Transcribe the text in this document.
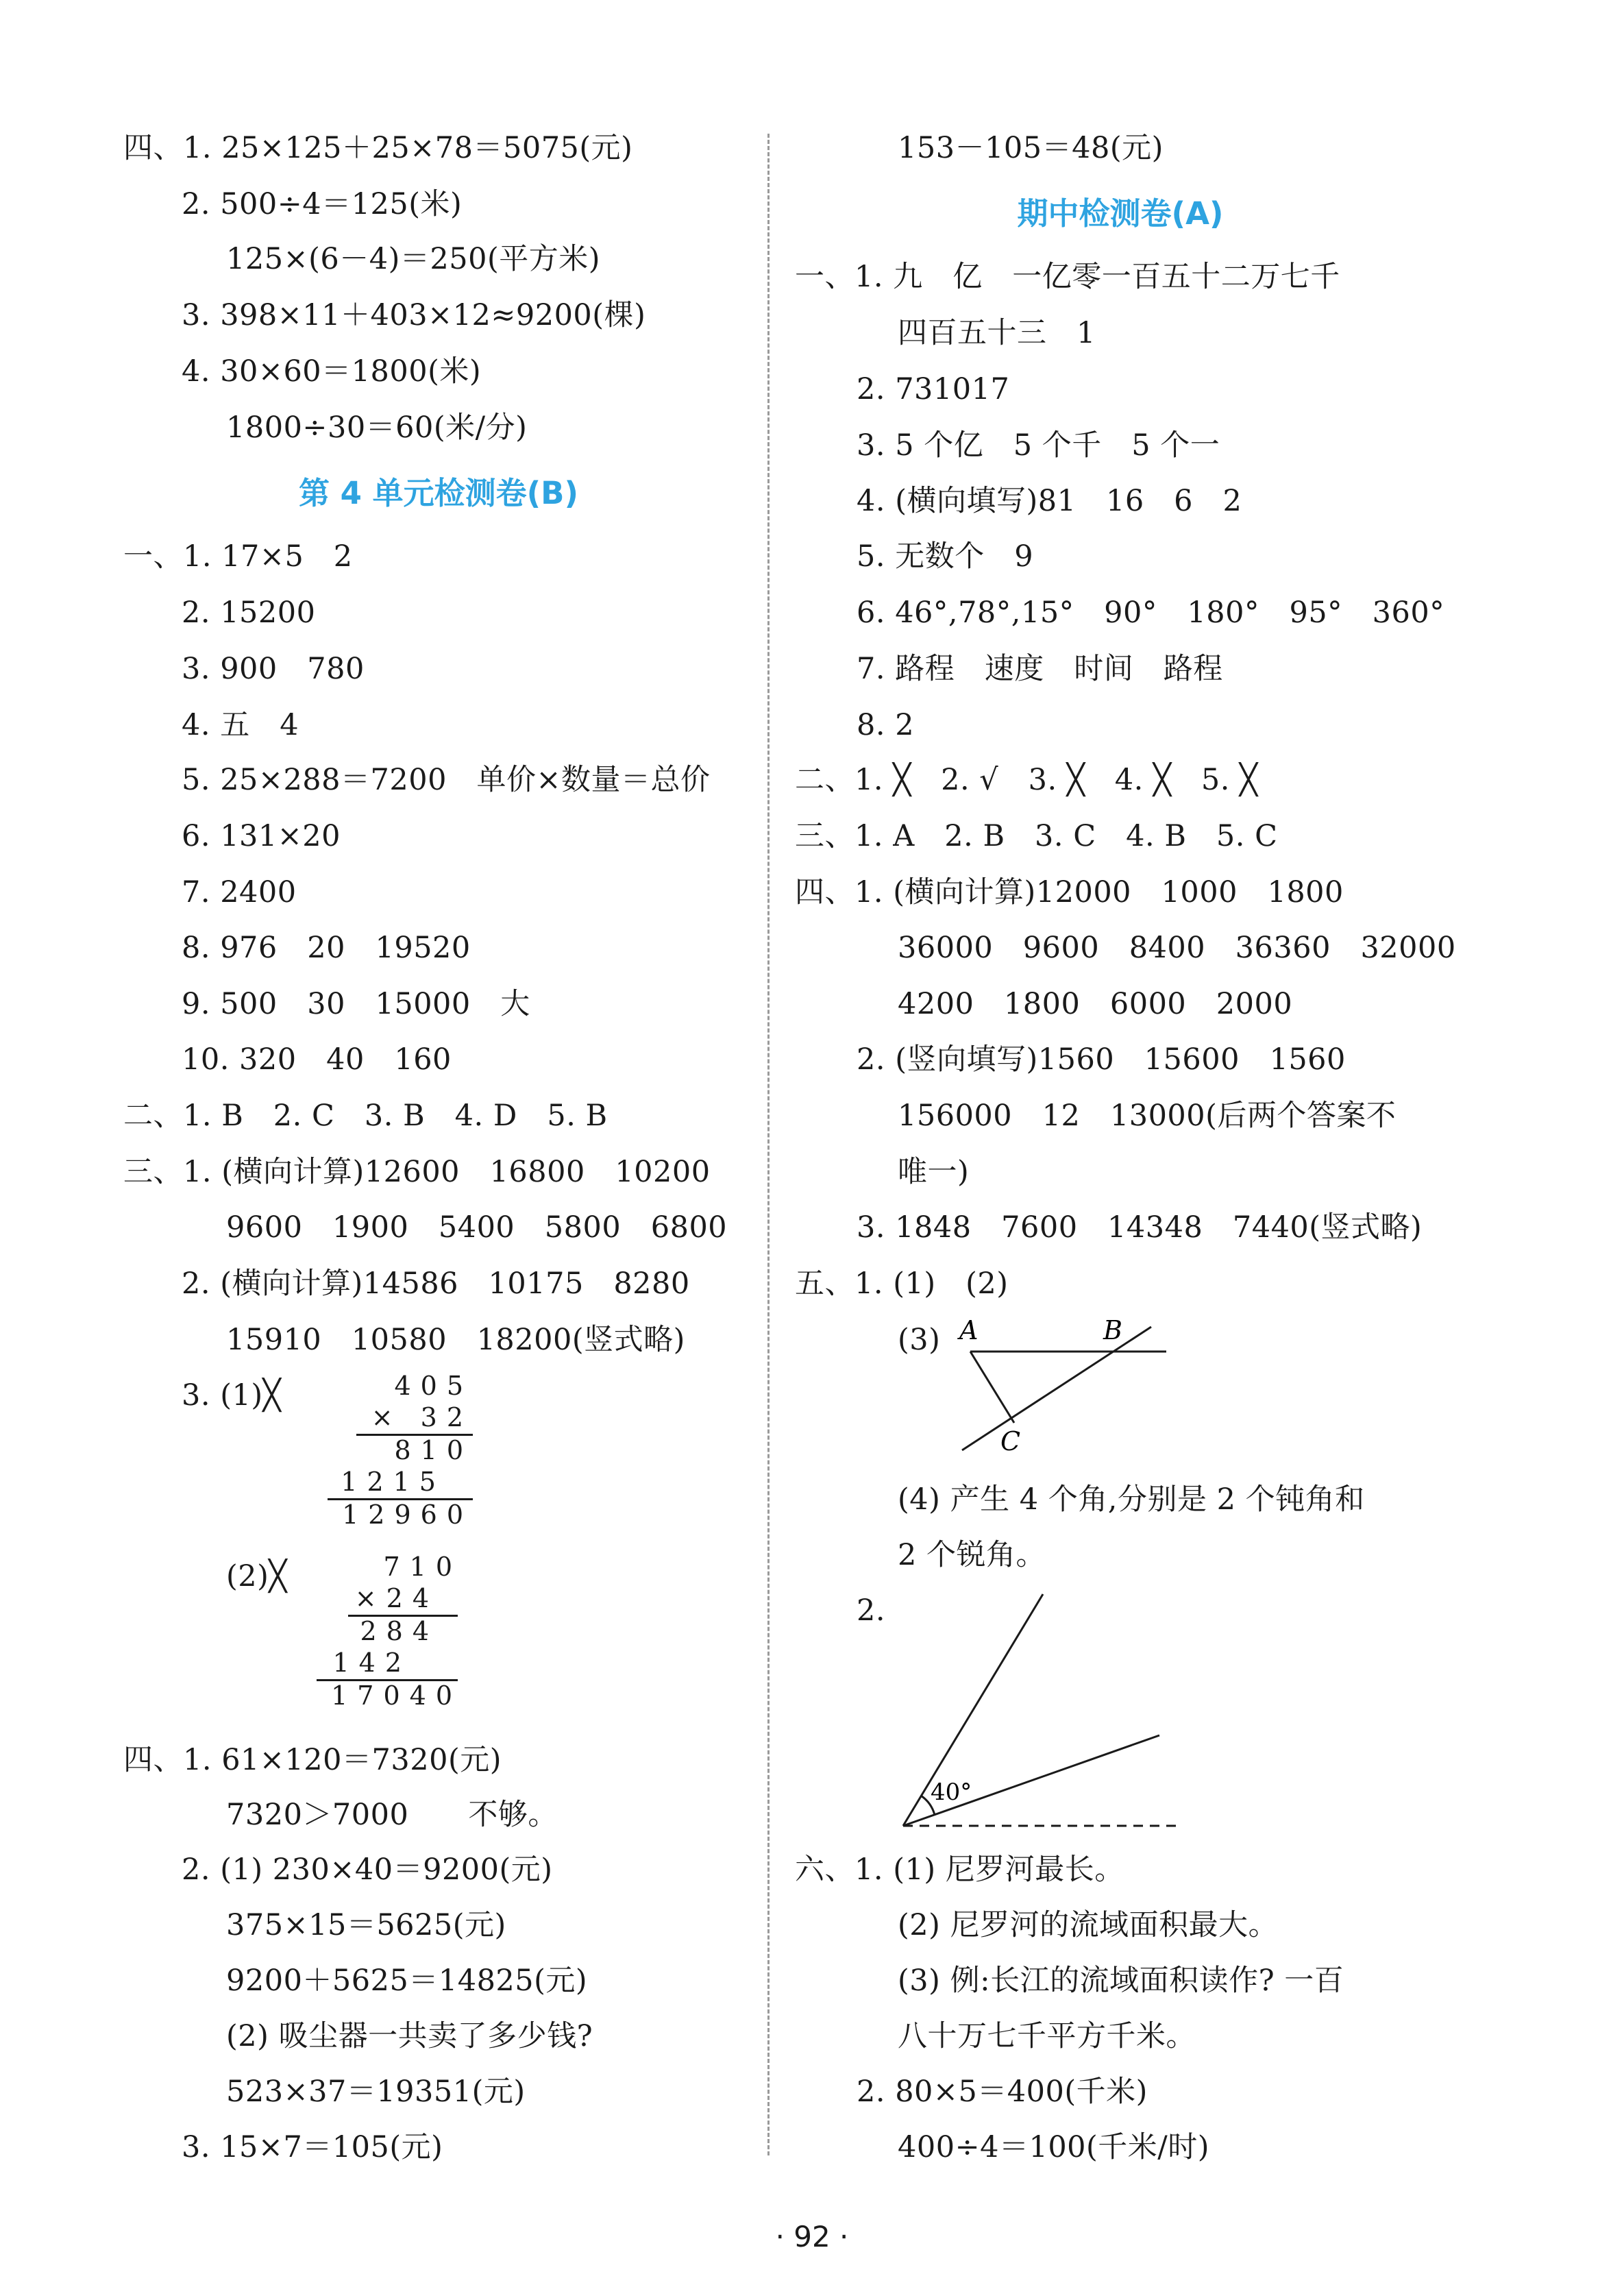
四、1. 25×125＋25×78＝5075(元)
2. 500÷4＝125(米)
125×(6－4)＝250(平方米)
3. 398×11＋403×12≈9200(棵)
4. 30×60＝1800(米)
1800÷30＝60(米/分)
第 4 单元检测卷(B)
一、1. 17×5　2
2. 15200
3. 900　780
4. 五　4
5. 25×288＝7200　单价×数量＝总价
6. 131×20
7. 2400
8. 976　20　19520
9. 500　30　15000　大
10. 320　40　160
二、1. B　2. C　3. B　4. D　5. B
三、1. (横向计算)12600　16800　10200
9600　1900　5400　5800　6800
2. (横向计算)14586　10175　8280
15910　10580　18200(竖式略)
3. (1)╳	405
× 32
810
1215
12960
(2)╳	710
×24
284
142
17040
四、1. 61×120＝7320(元)
7320＞7000　　不够。
2. (1) 230×40＝9200(元)
375×15＝5625(元)
9200＋5625＝14825(元)
(2) 吸尘器一共卖了多少钱?
523×37＝19351(元)
3. 15×7＝105(元)
153－105＝48(元)
期中检测卷(A)
一、1. 九　亿　一亿零一百五十二万七千
四百五十三　1
2. 731017
3. 5 个亿　5 个千　5 个一
4. (横向填写)81　16　6　2
5. 无数个　9
6. 46°,78°,15°　90°　180°　95°　360°
7. 路程　速度　时间　路程
8. 2
二、1. ╳　2. √　3. ╳　4. ╳　5. ╳
三、1. A　2. B　3. C　4. B　5. C
四、1. (横向计算)12000　1000　1800
36000　9600　8400　36360　32000
4200　1800　6000　2000
2. (竖向填写)1560　15600　1560
156000　12　13000(后两个答案不
唯一)
3. 1848　7600　14348　7440(竖式略)
五、1. (1)　(2)
(3) A	B
C
(4) 产生 4 个角,分别是 2 个钝角和
2 个锐角。
2.
40°
六、1. (1) 尼罗河最长。
(2) 尼罗河的流域面积最大。
(3) 例:长江的流域面积读作? 一百
八十万七千平方千米。
2. 80×5＝400(千米)
400÷4＝100(千米/时)
· 92 ·
